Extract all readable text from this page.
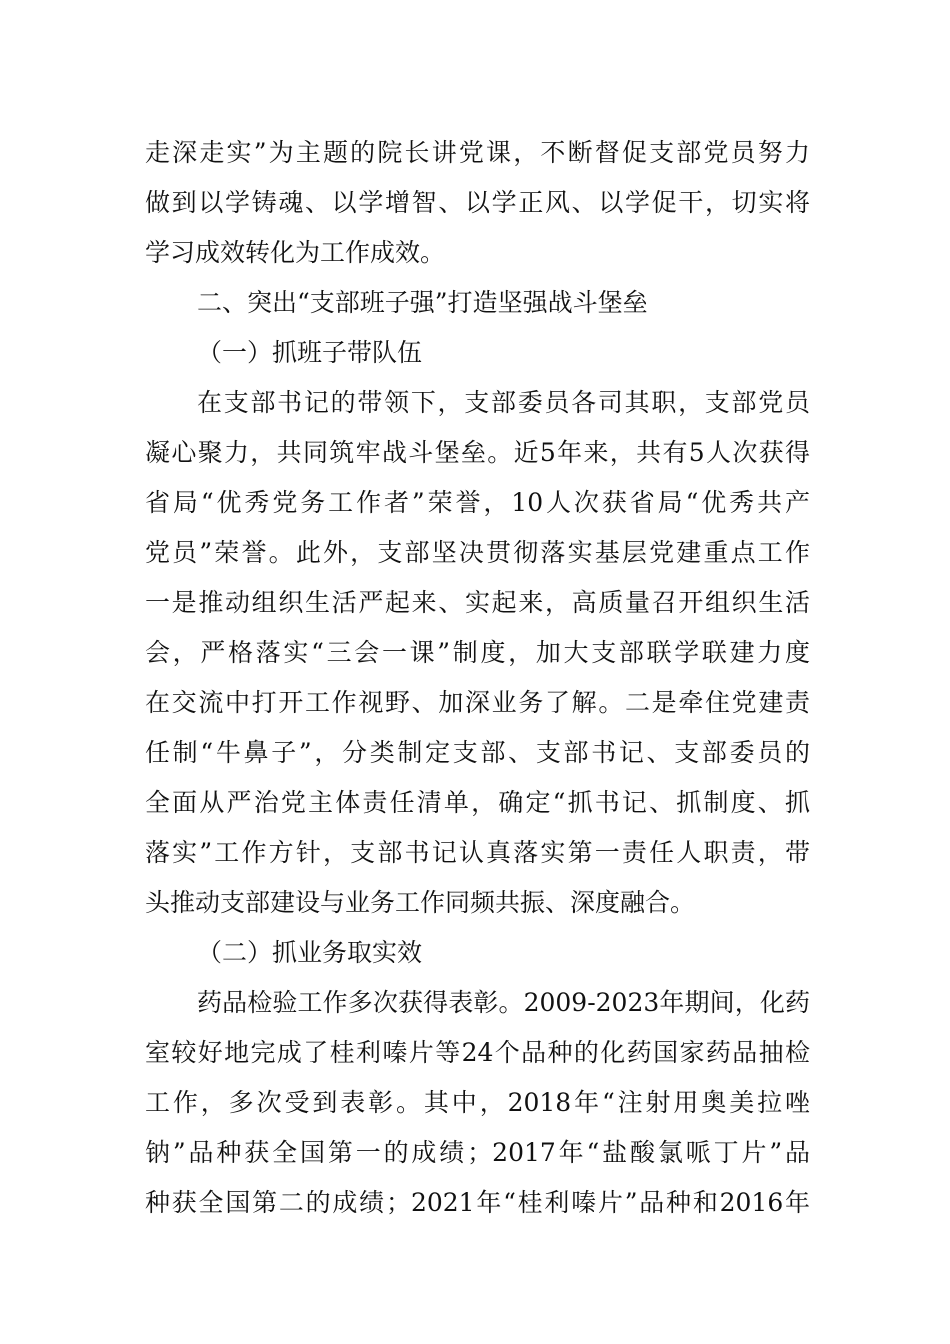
走深走实”为主题的院长讲党课，不断督促支部党员努力
做到以学铸魂、以学增智、以学正风、以学促干，切实将
学习成效转化为工作成效。
二、突出“支部班子强”打造坚强战斗堡垒
（一）抓班子带队伍
在支部书记的带领下，支部委员各司其职，支部党员
凝心聚力，共同筑牢战斗堡垒。近5年来，共有5人次获得
省局“优秀党务工作者”荣誉，10人次获省局“优秀共产
党员”荣誉。此外，支部坚决贯彻落实基层党建重点工作
一是推动组织生活严起来、实起来，高质量召开组织生活
会，严格落实“三会一课”制度，加大支部联学联建力度
在交流中打开工作视野、加深业务了解。二是牵住党建责
任制“牛鼻子”，分类制定支部、支部书记、支部委员的
全面从严治党主体责任清单，确定“抓书记、抓制度、抓
落实”工作方针，支部书记认真落实第一责任人职责，带
头推动支部建设与业务工作同频共振、深度融合。
（二）抓业务取实效
药品检验工作多次获得表彰。2009-2023年期间，化药
室较好地完成了桂利嗪片等24个品种的化药国家药品抽检
工作，多次受到表彰。其中，2018年“注射用奥美拉唑
钠”品种获全国第一的成绩；2017年“盐酸氯哌丁片”品
种获全国第二的成绩；2021年“桂利嗪片”品种和2016年
